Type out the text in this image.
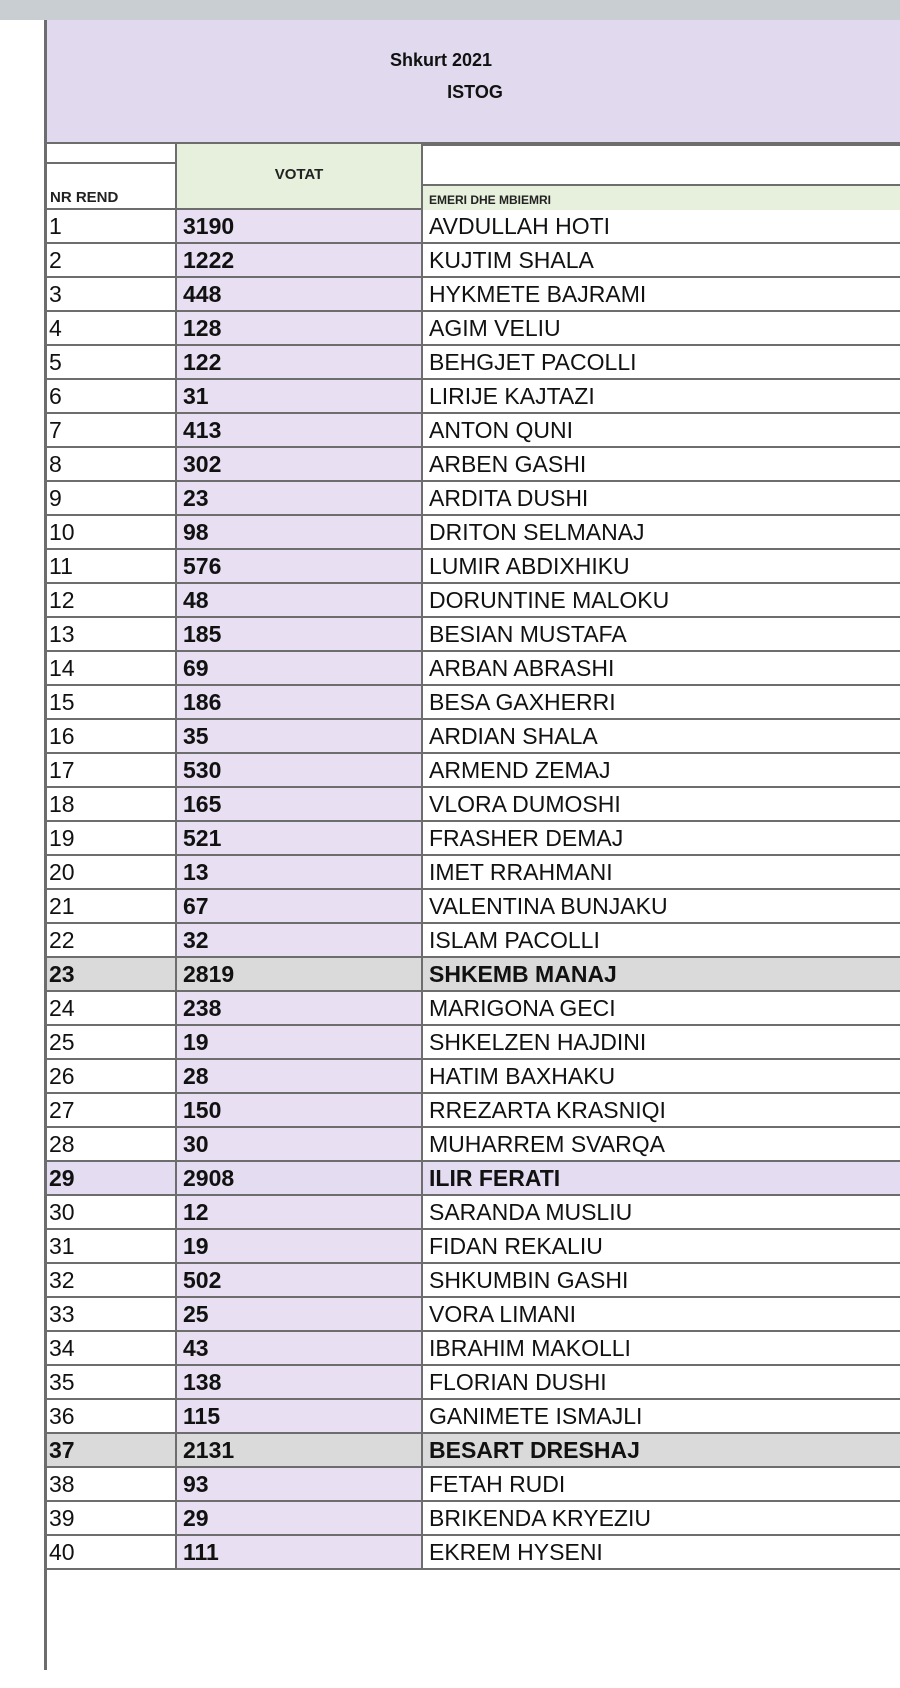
Shkurt 2021
ISTOG
NR REND
VOTAT
EMERI DHE MBIEMRI
1	3190	AVDULLAH HOTI
2	1222	KUJTIM SHALA
3	448	HYKMETE BAJRAMI
4	128	AGIM VELIU
5	122	BEHGJET PACOLLI
6	31	LIRIJE KAJTAZI
7	413	ANTON QUNI
8	302	ARBEN GASHI
9	23	ARDITA DUSHI
10	98	DRITON SELMANAJ
11	576	LUMIR ABDIXHIKU
12	48	DORUNTINE MALOKU
13	185	BESIAN MUSTAFA
14	69	ARBAN ABRASHI
15	186	BESA GAXHERRI
16	35	ARDIAN SHALA
17	530	ARMEND ZEMAJ
18	165	VLORA DUMOSHI
19	521	FRASHER DEMAJ
20	13	IMET RRAHMANI
21	67	VALENTINA BUNJAKU
22	32	ISLAM PACOLLI
23	2819	SHKEMB MANAJ
24	238	MARIGONA GECI
25	19	SHKELZEN HAJDINI
26	28	HATIM BAXHAKU
27	150	RREZARTA KRASNIQI
28	30	MUHARREM SVARQA
29	2908	ILIR FERATI
30	12	SARANDA MUSLIU
31	19	FIDAN REKALIU
32	502	SHKUMBIN GASHI
33	25	VORA LIMANI
34	43	IBRAHIM MAKOLLI
35	138	FLORIAN DUSHI
36	115	GANIMETE ISMAJLI
37	2131	BESART DRESHAJ
38	93	FETAH RUDI
39	29	BRIKENDA KRYEZIU
40	111	EKREM HYSENI
